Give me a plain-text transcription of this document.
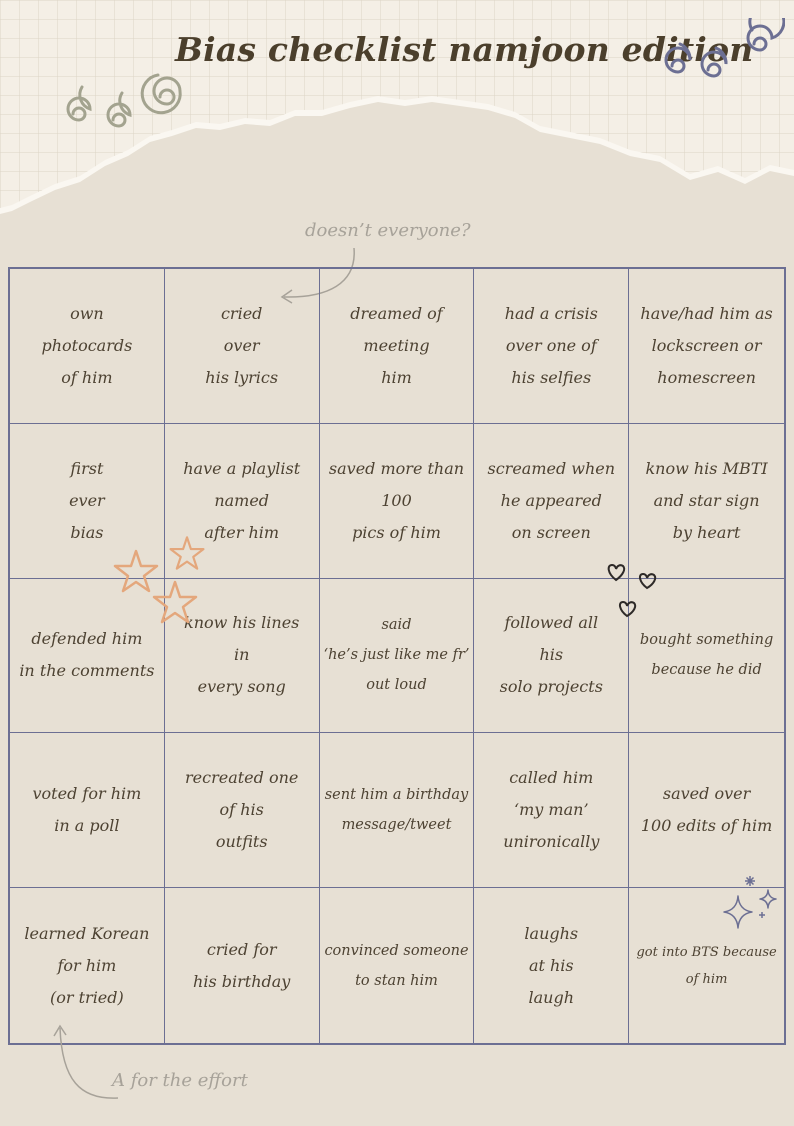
Bias checklist namjoon edition
doesn’t everyone?
own
photocards
of him
cried
over
his lyrics
dreamed of
meeting
him
had a crisis
over one of
his selfies
have/had him as
lockscreen or
homescreen
first
ever
bias
have a playlist
named
after him
saved more than
100
pics of him
screamed when
he appeared
on screen
know his MBTI
and star sign
by heart
defended him
in the comments
know his lines
in
every song
said
‘he’s just like me fr’
out loud
followed all
his
solo projects
bought something
because he did
voted for him
in a poll
recreated one
of his
outfits
sent him a birthday
message/tweet
called him
‘my man’
unironically
saved over
100 edits of him
learned Korean
for him
(or tried)
cried for
his birthday
convinced someone
to stan him
laughs
at his
laugh
got into BTS because
of him
A for the effort
